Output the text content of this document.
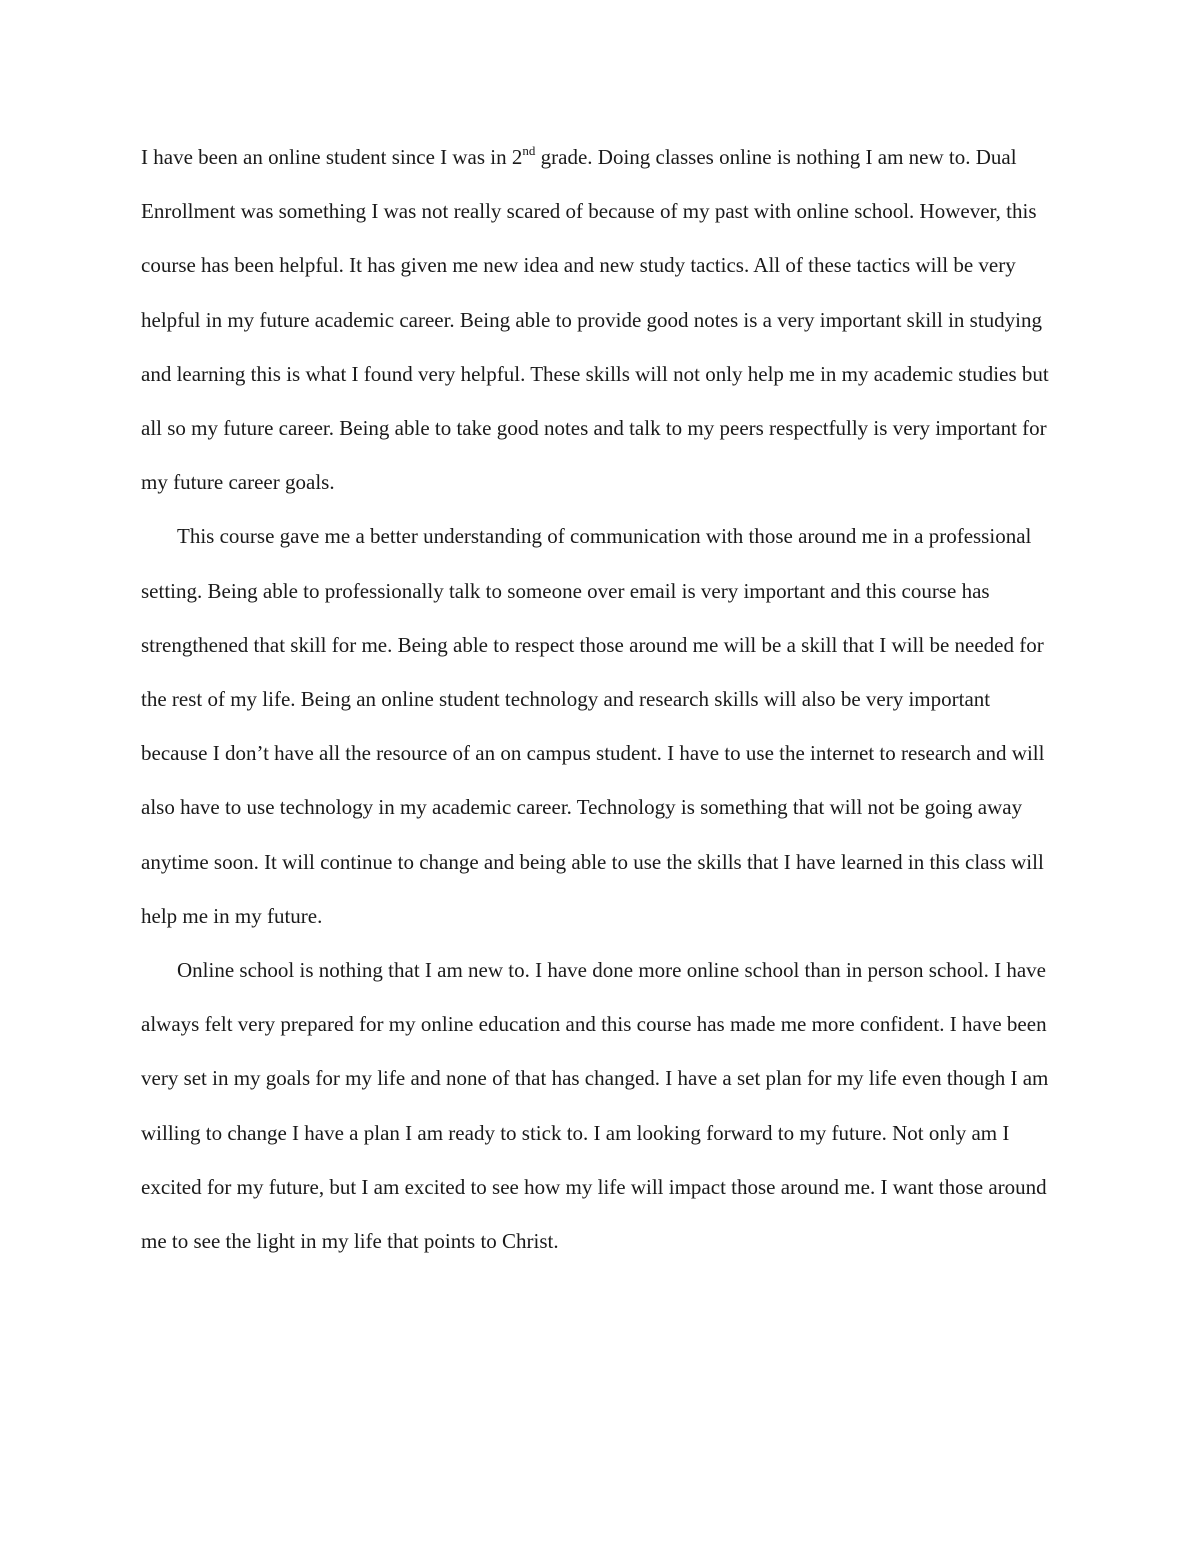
I have been an online student since I was in 2nd grade. Doing classes online is nothing I am new to. Dual Enrollment was something I was not really scared of because of my past with online school. However, this course has been helpful. It has given me new idea and new study tactics. All of these tactics will be very helpful in my future academic career. Being able to provide good notes is a very important skill in studying and learning this is what I found very helpful. These skills will not only help me in my academic studies but all so my future career. Being able to take good notes and talk to my peers respectfully is very important for my future career goals.

This course gave me a better understanding of communication with those around me in a professional setting. Being able to professionally talk to someone over email is very important and this course has strengthened that skill for me. Being able to respect those around me will be a skill that I will be needed for the rest of my life. Being an online student technology and research skills will also be very important because I don’t have all the resource of an on campus student. I have to use the internet to research and will also have to use technology in my academic career. Technology is something that will not be going away anytime soon. It will continue to change and being able to use the skills that I have learned in this class will help me in my future.

Online school is nothing that I am new to. I have done more online school than in person school. I have always felt very prepared for my online education and this course has made me more confident. I have been very set in my goals for my life and none of that has changed. I have a set plan for my life even though I am willing to change I have a plan I am ready to stick to. I am looking forward to my future. Not only am I excited for my future, but I am excited to see how my life will impact those around me. I want those around me to see the light in my life that points to Christ.
